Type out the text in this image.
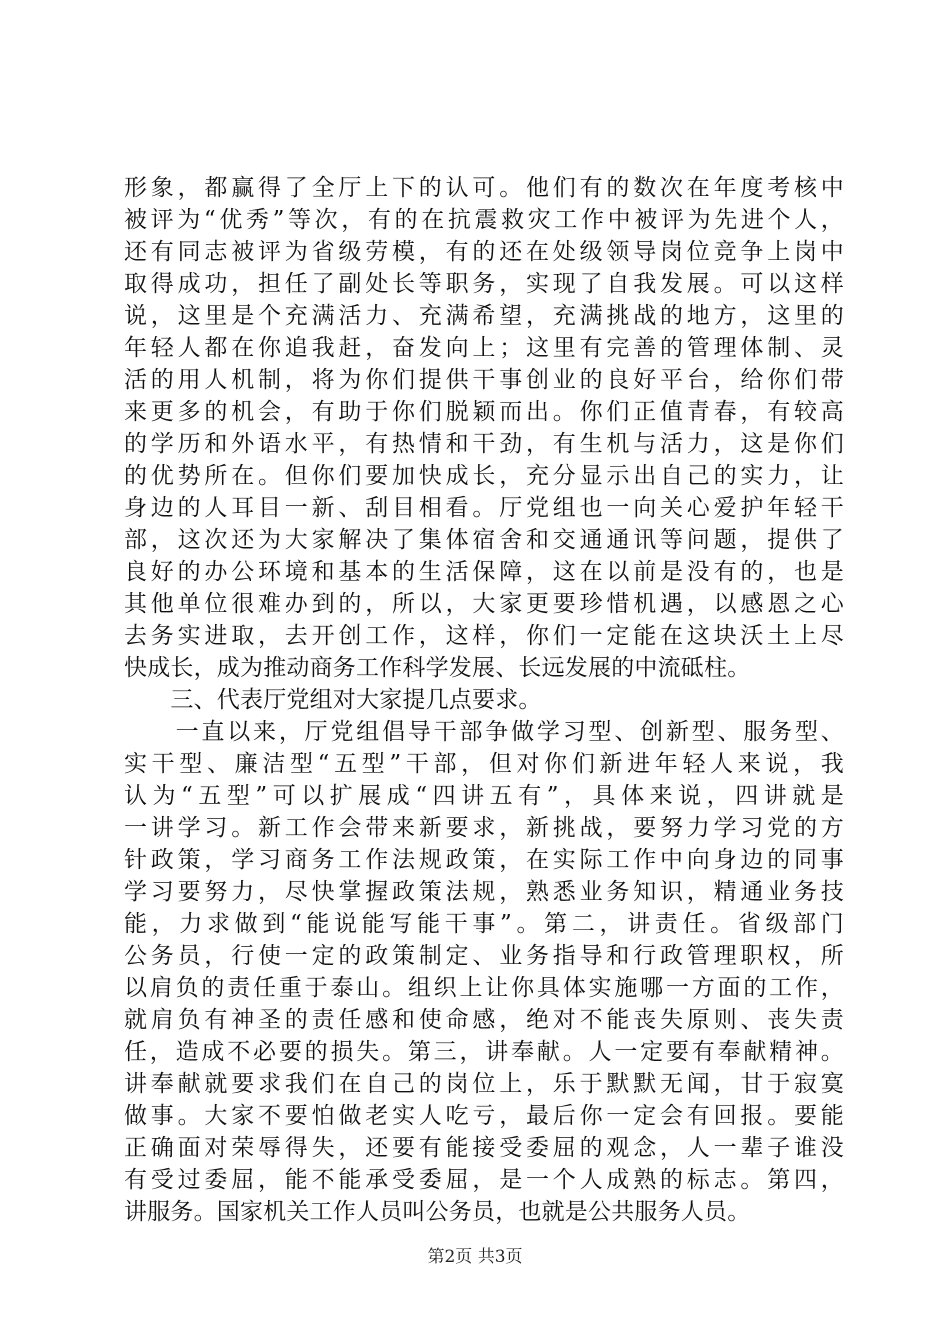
形象，都赢得了全厅上下的认可。他们有的数次在年度考核中
被评为“优秀”等次，有的在抗震救灾工作中被评为先进个人，
还有同志被评为省级劳模，有的还在处级领导岗位竞争上岗中
取得成功，担任了副处长等职务，实现了自我发展。可以这样
说，这里是个充满活力、充满希望，充满挑战的地方，这里的
年轻人都在你追我赶，奋发向上；这里有完善的管理体制、灵
活的用人机制，将为你们提供干事创业的良好平台，给你们带
来更多的机会，有助于你们脱颖而出。你们正值青春，有较高
的学历和外语水平，有热情和干劲，有生机与活力，这是你们
的优势所在。但你们要加快成长，充分显示出自己的实力，让
身边的人耳目一新、刮目相看。厅党组也一向关心爱护年轻干
部，这次还为大家解决了集体宿舍和交通通讯等问题，提供了
良好的办公环境和基本的生活保障，这在以前是没有的，也是
其他单位很难办到的，所以，大家更要珍惜机遇，以感恩之心
去务实进取，去开创工作，这样，你们一定能在这块沃土上尽
快成长，成为推动商务工作科学发展、长远发展的中流砥柱。
　　三、代表厅党组对大家提几点要求。
　　一直以来，厅党组倡导干部争做学习型、创新型、服务型、
实干型、廉洁型“五型”干部，但对你们新进年轻人来说，我
认为“五型”可以扩展成“四讲五有”，具体来说，四讲就是
一讲学习。新工作会带来新要求，新挑战，要努力学习党的方
针政策，学习商务工作法规政策，在实际工作中向身边的同事
学习要努力，尽快掌握政策法规，熟悉业务知识，精通业务技
能，力求做到“能说能写能干事”。第二，讲责任。省级部门
公务员，行使一定的政策制定、业务指导和行政管理职权，所
以肩负的责任重于泰山。组织上让你具体实施哪一方面的工作，
就肩负有神圣的责任感和使命感，绝对不能丧失原则、丧失责
任，造成不必要的损失。第三，讲奉献。人一定要有奉献精神。
讲奉献就要求我们在自己的岗位上，乐于默默无闻，甘于寂寞
做事。大家不要怕做老实人吃亏，最后你一定会有回报。要能
正确面对荣辱得失，还要有能接受委屈的观念，人一辈子谁没
有受过委屈，能不能承受委屈，是一个人成熟的标志。第四，
讲服务。国家机关工作人员叫公务员，也就是公共服务人员。
第2页 共3页
